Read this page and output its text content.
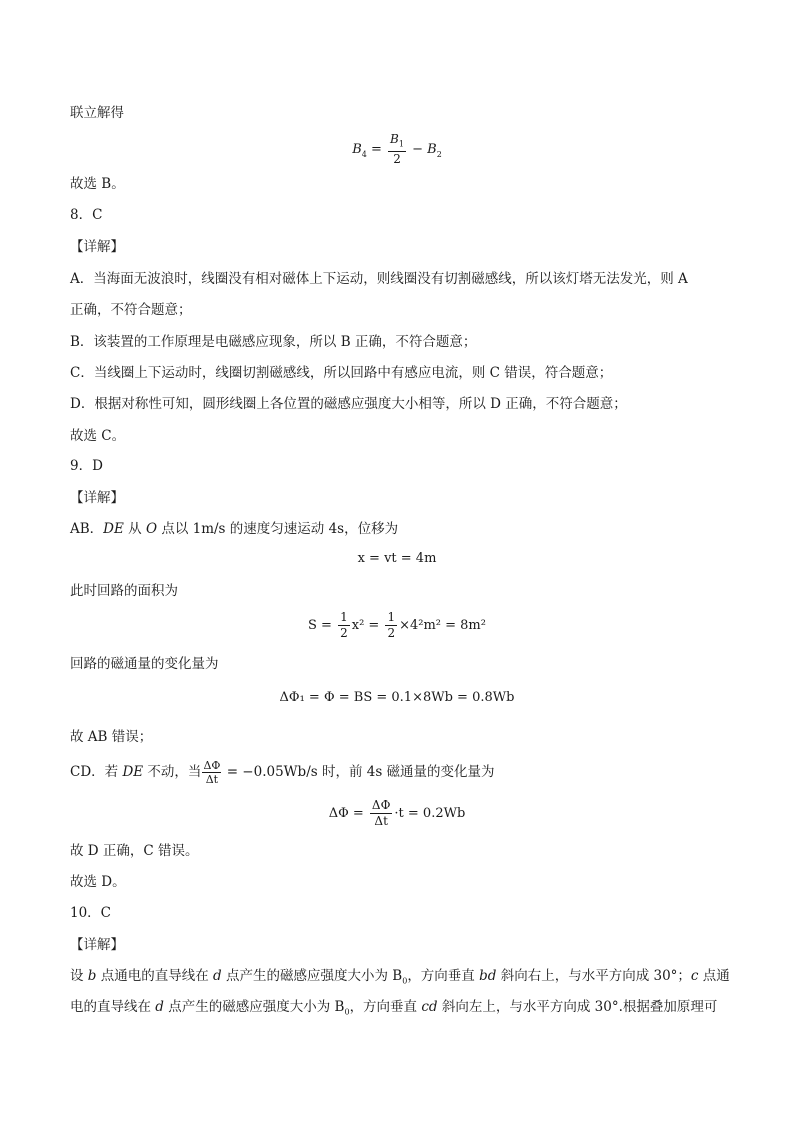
联立解得
$B_4 = \frac{B_1}{2} - B_2$
故选 B。
8．C
【详解】
A．当海面无波浪时，线圈没有相对磁体上下运动，则线圈没有切割磁感线，所以该灯塔无法发光，则 A
正确，不符合题意；
B．该装置的工作原理是电磁感应现象，所以 B 正确，不符合题意；
C．当线圈上下运动时，线圈切割磁感线，所以回路中有感应电流，则 C 错误，符合题意；
D．根据对称性可知，圆形线圈上各位置的磁感应强度大小相等，所以 D 正确，不符合题意；
故选 C。
9．D
【详解】
AB．DE 从 O 点以 1m/s 的速度匀速运动 4s，位移为
x = vt = 4m
此时回路的面积为
$S = \frac{1}{2} x^2 = \frac{1}{2} \times 4^2m^2 = 8m^2$
回路的磁通量的变化量为
ΔΦ₁ = Φ = BS = 0.1×8Wb = 0.8Wb
故 AB 错误；
CD．若 DE 不动，当 $\frac{\Delta\Phi}{\Delta t} = -0.05Wb/s$ 时，前 4s 磁通量的变化量为
$\Delta\Phi = \frac{\Delta\Phi}{\Delta t} \cdot t = 0.2Wb$
故 D 正确，C 错误。
故选 D。
10．C
【详解】
设 b 点通电的直导线在 d 点产生的磁感应强度大小为 $B_0$，方向垂直 bd 斜向右上，与水平方向成 30°；c 点通
电的直导线在 d 点产生的磁感应强度大小为 $B_0$，方向垂直 cd 斜向左上，与水平方向成 30°.根据叠加原理可
